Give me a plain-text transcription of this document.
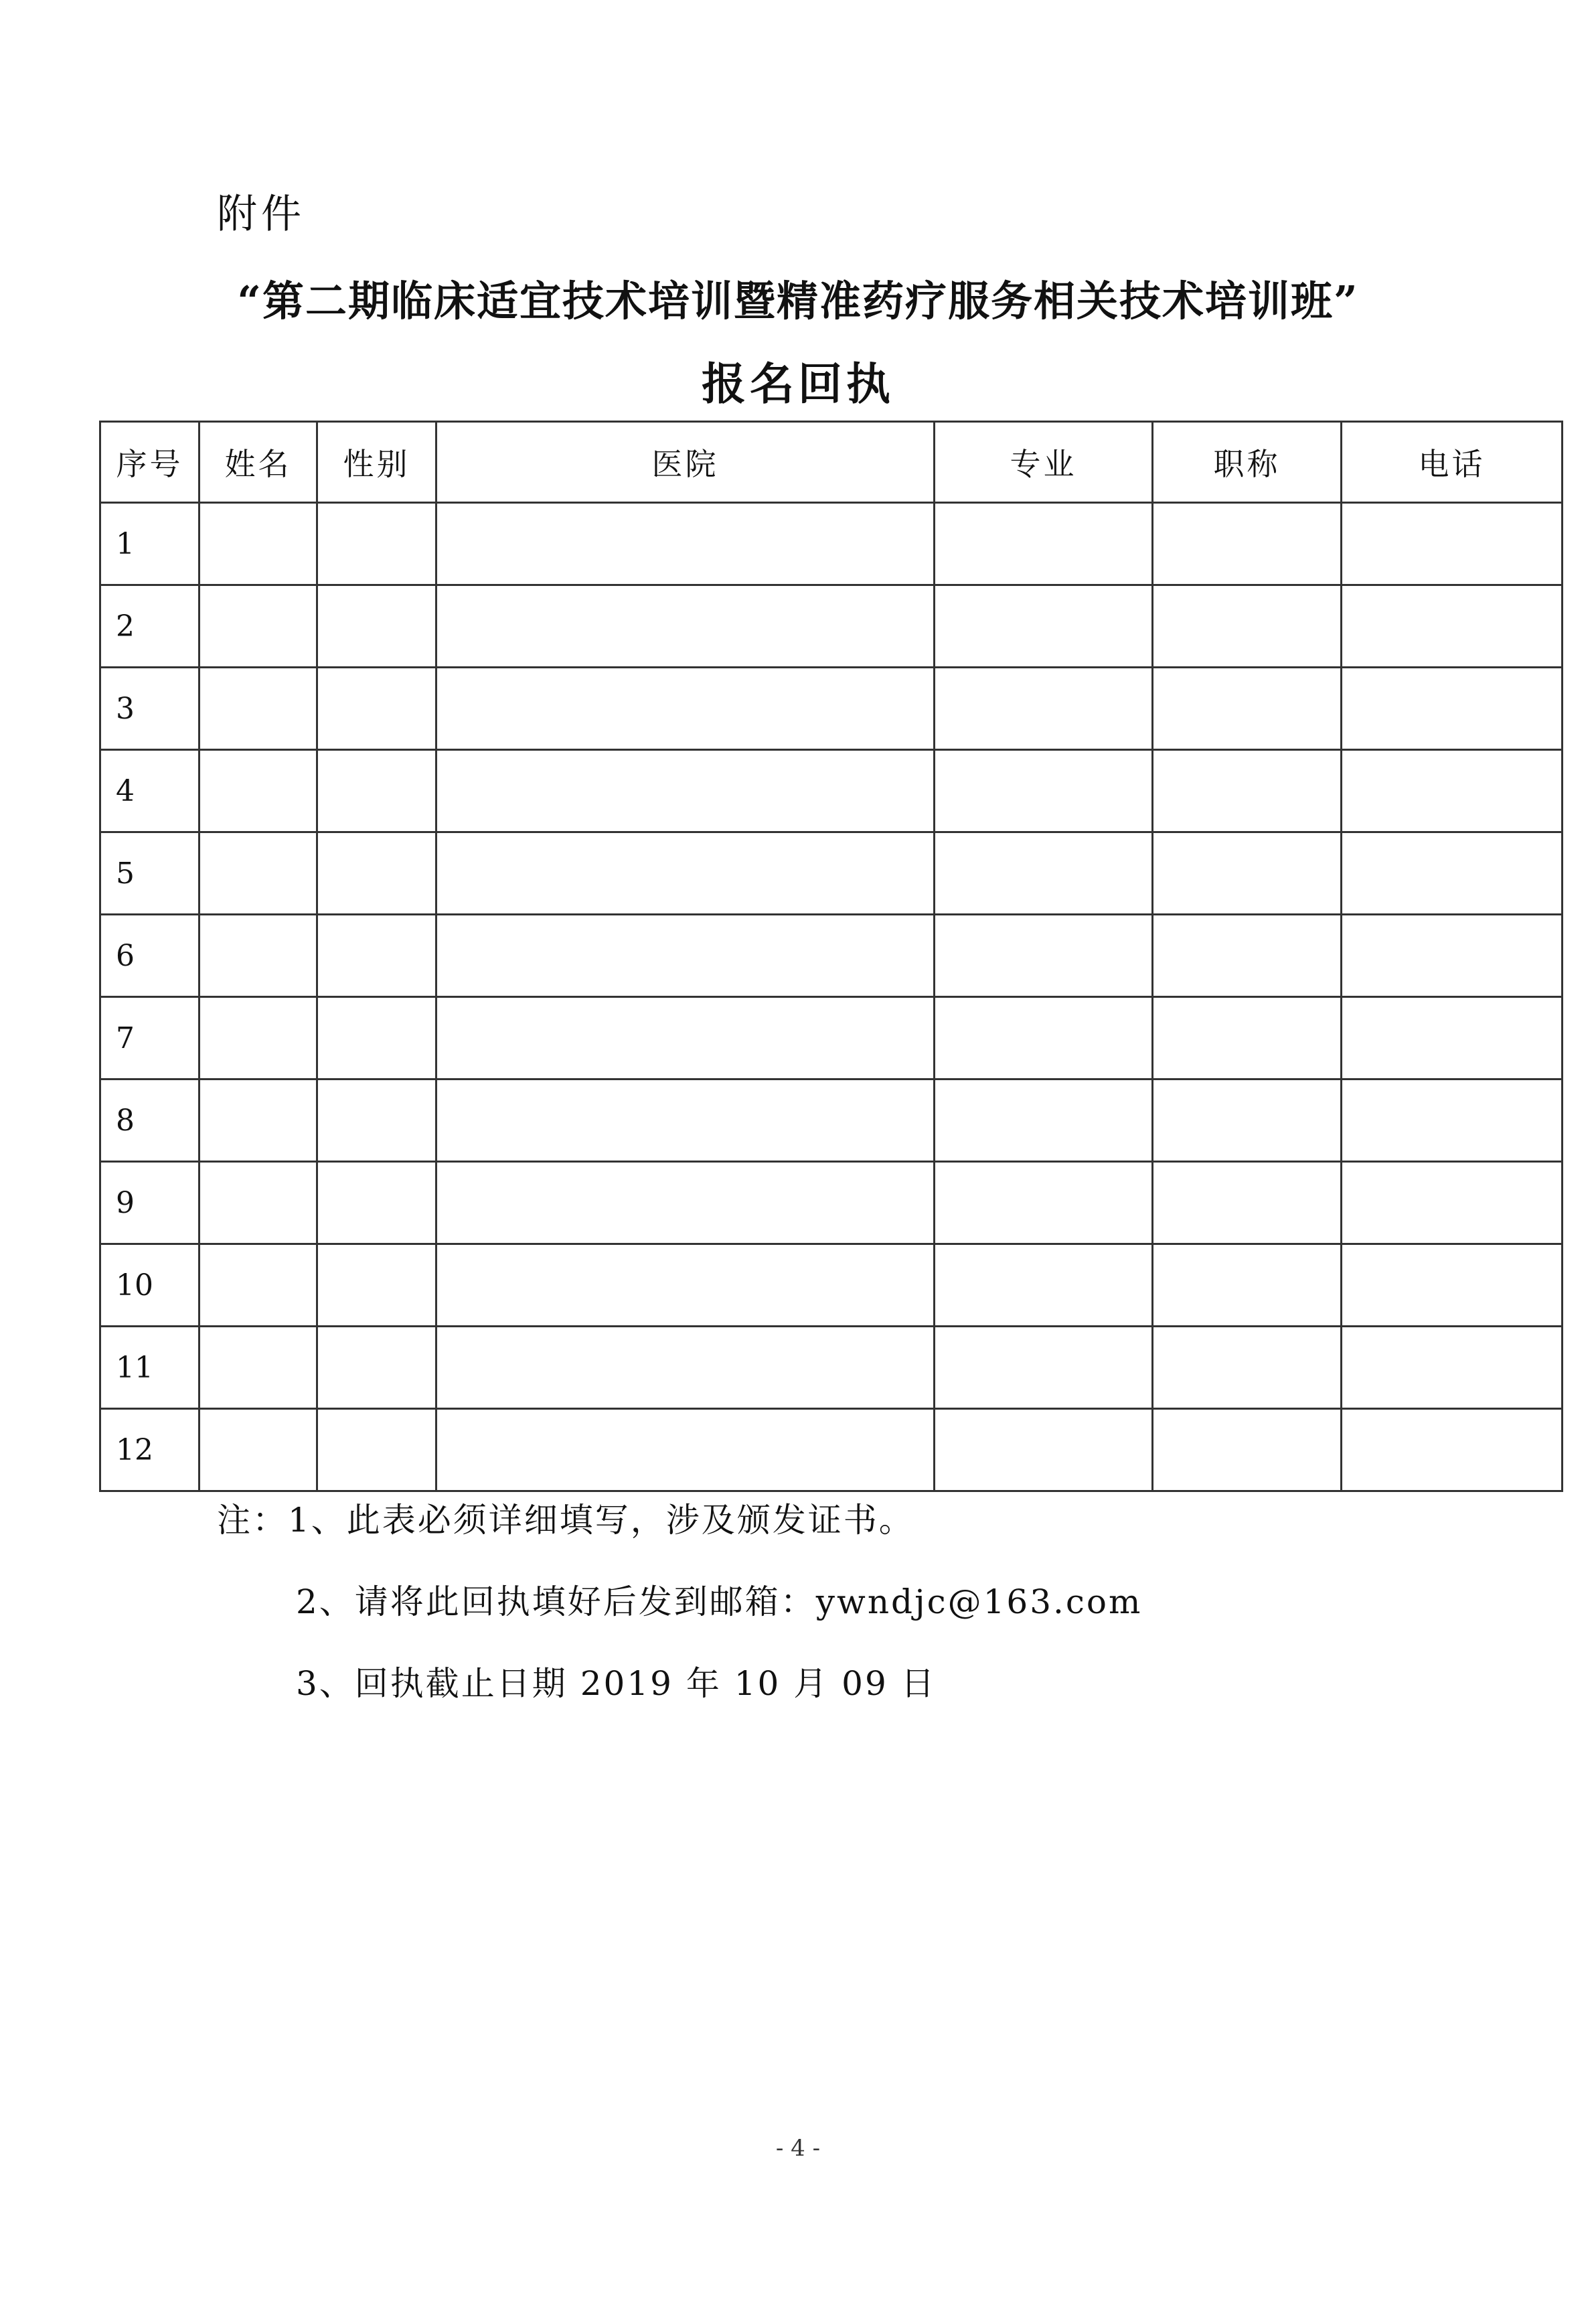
附件
“第二期临床适宜技术培训暨精准药疗服务相关技术培训班”
报名回执
序号	姓名	性别	医院	专业	职称	电话
1						
2						
3						
4						
5						
6						
7						
8						
9						
10						
11						
12						
注：1、此表必须详细填写，涉及颁发证书。
2、请将此回执填好后发到邮箱：ywndjc@163.com
3、回执截止日期 2019 年 10 月 09 日
- 4 -
